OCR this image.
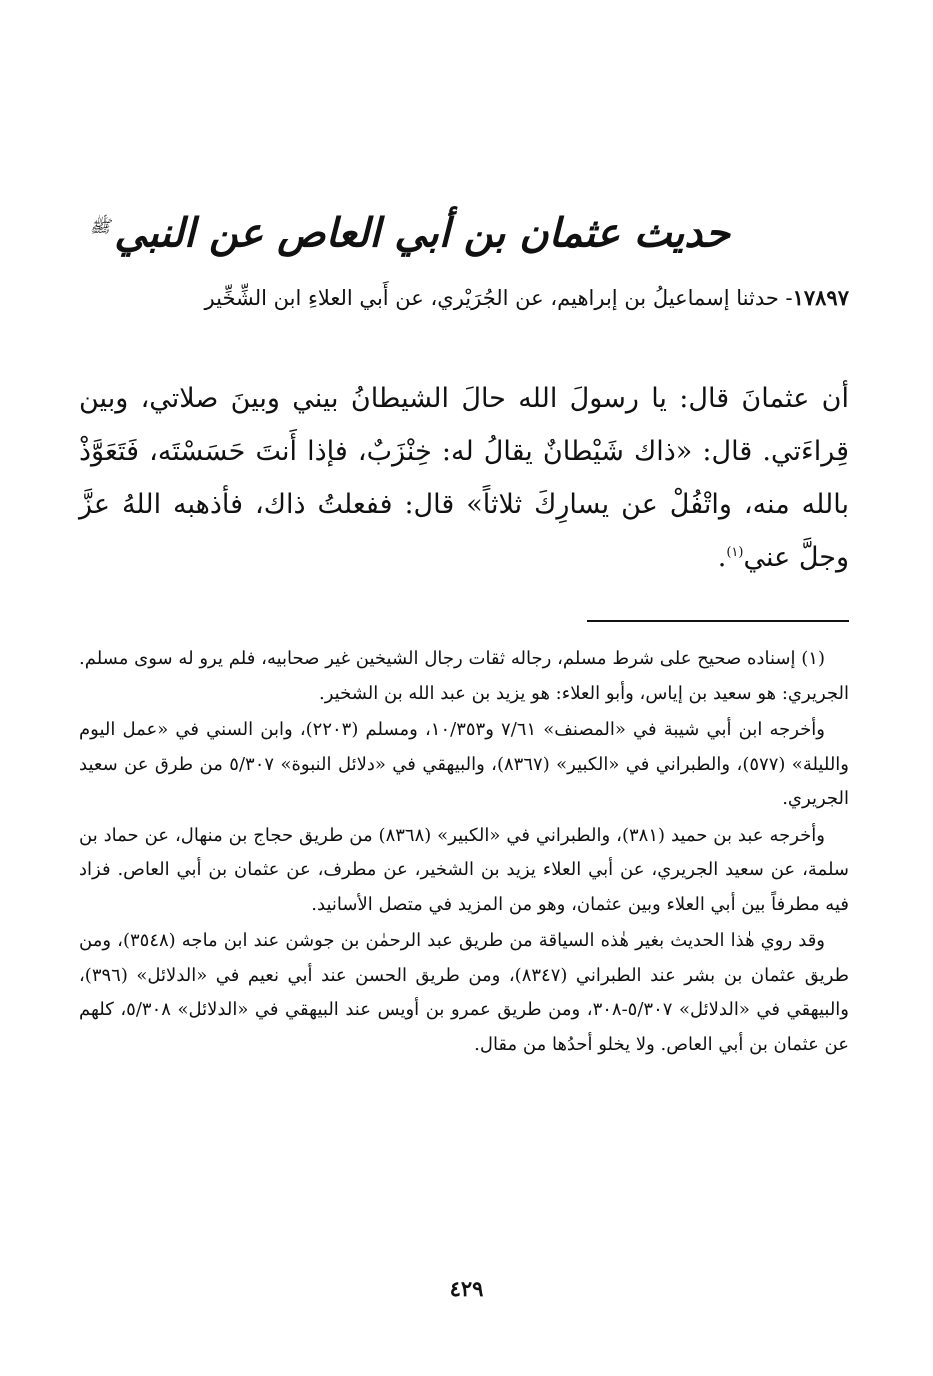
حديث عثمان بن أبي العاص عن النبي$^ﷺ$
١٧٨٩٧- حدثنا إسماعيلُ بن إبراهيم، عن الجُرَيْري، عن أَبي العلاءِ ابن الشِّخِّير
أن عثمانَ قال: يا رسولَ الله حالَ الشيطانُ بيني وبينَ صلاتي، وبين قِراءَتي. قال: «ذاك شَيْطانٌ يقالُ له: خِنْزَبٌ، فإذا أَنتَ حَسَسْتَه، فَتَعَوَّذْ بالله منه، واتْفُلْ عن يسارِكَ ثلاثاً» قال: ففعلتُ ذاك، فأذهبه اللهُ عزَّ وجلَّ عني$^{(١)}$.

(١) إسناده صحيح على شرط مسلم، رجاله ثقات رجال الشيخين غير صحابيه، فلم يرو له سوى مسلم. الجريري: هو سعيد بن إياس، وأبو العلاء: هو يزيد بن عبد الله بن الشخير.

وأخرجه ابن أبي شيبة في «المصنف» ٧/٦١ و١٠/٣٥٣، ومسلم (٢٢٠٣)، وابن السني في «عمل اليوم والليلة» (٥٧٧)، والطبراني في «الكبير» (٨٣٦٧)، والبيهقي في «دلائل النبوة» ٥/٣٠٧ من طرق عن سعيد الجريري.

وأخرجه عبد بن حميد (٣٨١)، والطبراني في «الكبير» (٨٣٦٨) من طريق حجاج بن منهال، عن حماد بن سلمة، عن سعيد الجريري، عن أبي العلاء يزيد بن الشخير، عن مطرف، عن عثمان بن أبي العاص. فزاد فيه مطرفاً بين أبي العلاء وبين عثمان، وهو من المزيد في متصل الأسانيد.

وقد روي هٰذا الحديث بغير هٰذه السياقة من طريق عبد الرحمٰن بن جوشن عند ابن ماجه (٣٥٤٨)، ومن طريق عثمان بن بشر عند الطبراني (٨٣٤٧)، ومن طريق الحسن عند أبي نعيم في «الدلائل» (٣٩٦)، والبيهقي في «الدلائل» ٥/٣٠٧-٣٠٨، ومن طريق عمرو بن أويس عند البيهقي في «الدلائل» ٥/٣٠٨، كلهم عن عثمان بن أبي العاص. ولا يخلو أحدُها من مقال.

٤٢٩
